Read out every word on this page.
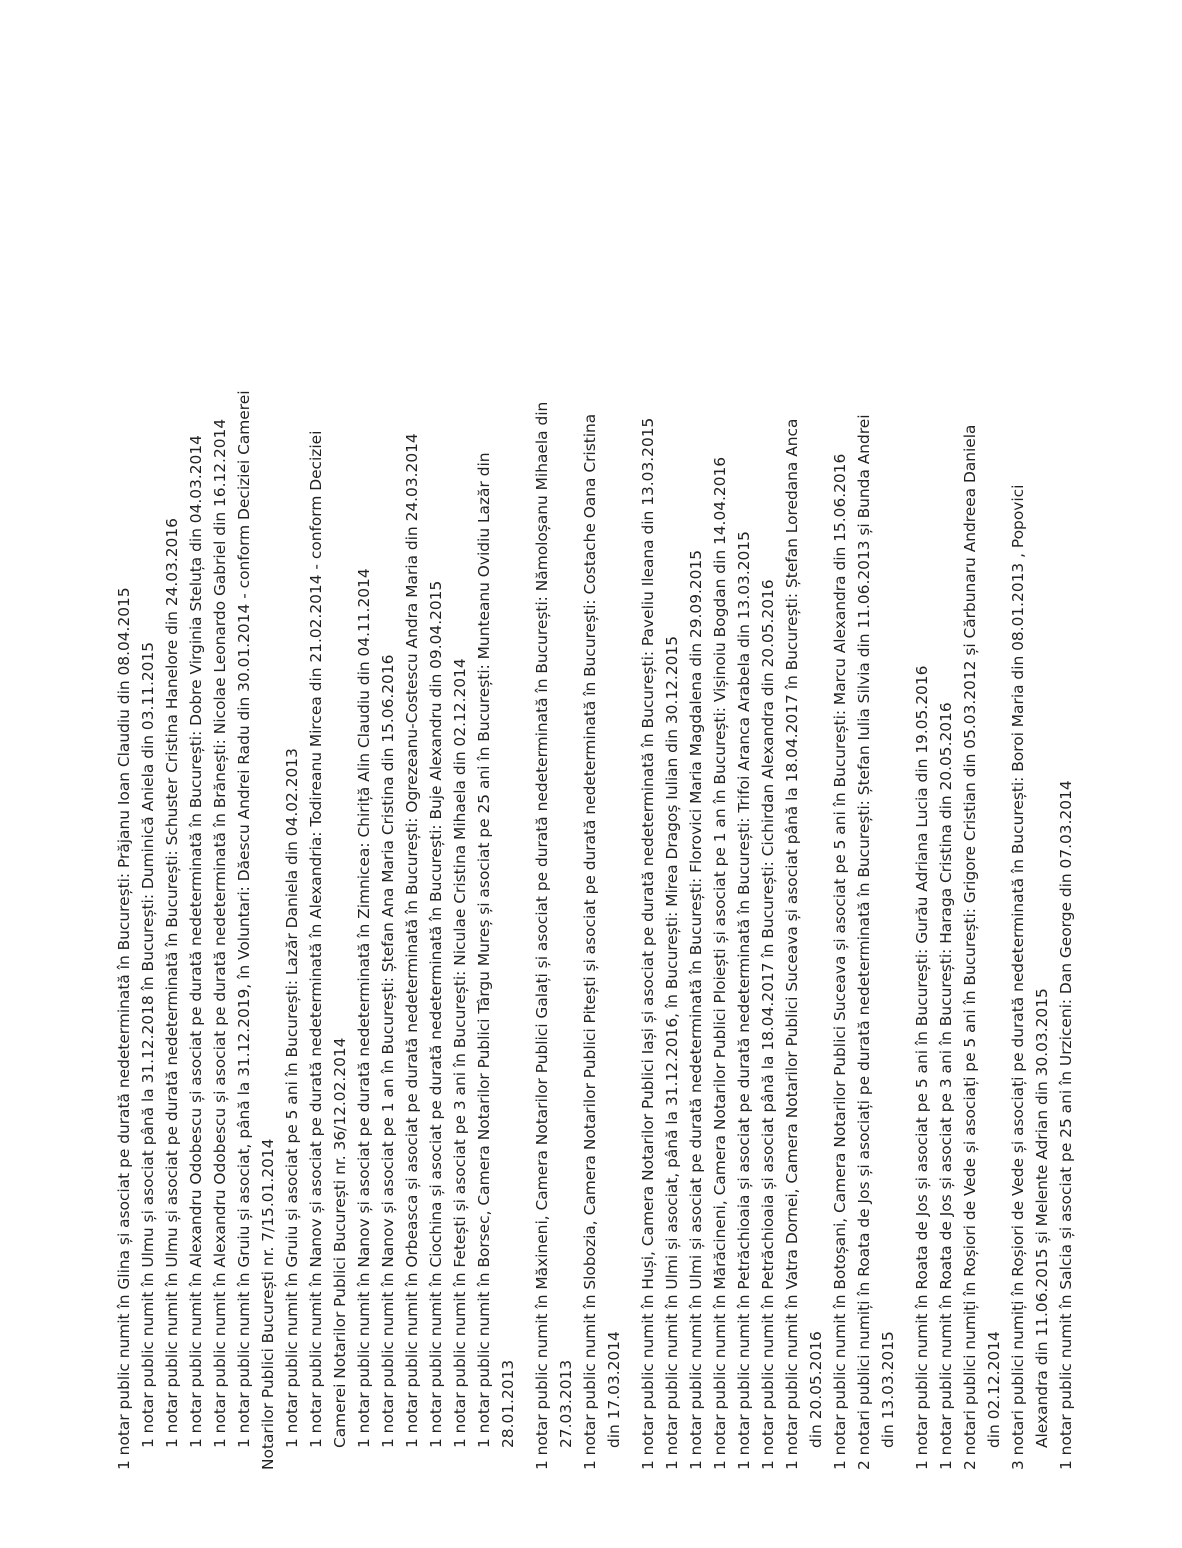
1 notar public numit în Glina și asociat pe durată nedeterminată în București: Prăjanu Ioan Claudiu din 08.04.2015 1 notar public numit în Ulmu și asociat până la 31.12.2018 în București: Duminică Aniela din 03.11.2015 1 notar public numit în Ulmu și asociat pe durată nedeterminată în București: Schuster Cristina Hanelore din 24.03.2016 1 notar public numit în Alexandru Odobescu și asociat pe durată nedeterminată în București: Dobre Virginia Steluța din 04.03.2014 1 notar public numit în Alexandru Odobescu și asociat pe durată nedeterminată în Brănești: Nicolae Leonardo Gabriel din 16.12.2014 1 notar public numit în Gruiu și asociat, până la 31.12.2019, în Voluntari: Dăescu Andrei Radu din 30.01.2014 - conform Deciziei Camerei Notarilor Publici București nr. 7/15.01.2014 1 notar public numit în Gruiu și asociat pe 5 ani în București: Lazăr Daniela din 04.02.2013 1 notar public numit în Nanov și asociat pe durată nedeterminată în Alexandria: Todireanu Mircea din 21.02.2014 - conform Deciziei Camerei Notarilor Publici București nr. 36/12.02.2014 1 notar public numit în Nanov și asociat pe durată nedeterminată în Zimnicea: Chiriță Alin Claudiu din 04.11.2014 1 notar public numit în Nanov și asociat pe 1 an în București: Ștefan Ana Maria Cristina din 15.06.2016 1 notar public numit în Orbeasca și asociat pe durată nedeterminată în București: Ogrezeanu-Costescu Andra Maria din 24.03.2014 1 notar public numit în Ciochina și asociat pe durată nedeterminată în București: Buje Alexandru din 09.04.2015 1 notar public numit în Fetești și asociat pe 3 ani în București: Niculae Cristina Mihaela din 02.12.2014 1 notar public numit în Borsec, Camera Notarilor Publici Târgu Mureș și asociat pe 25 ani în București: Munteanu Ovidiu Lazăr din 28.01.2013 1 notar public numit în Măxineni, Camera Notarilor Publici Galați și asociat pe durată nedeterminată în București: Nămoloșanu Mihaela din 27.03.2013 1 notar public numit în Slobozia, Camera Notarilor Publici Pitești și asociat pe durată nedeterminată în București: Costache Oana Cristina din 17.03.2014 1 notar public numit în Huși, Camera Notarilor Publici Iași și asociat pe durată nedeterminată în București: Paveliu Ileana din 13.03.2015 1 notar public numit în Ulmi și asociat, până la 31.12.2016, în București: Mirea Dragoș Iulian din 30.12.2015 1 notar public numit în Ulmi și asociat pe durată nedeterminată în București: Florovici Maria Magdalena din 29.09.2015 1 notar public numit în Mărăcineni, Camera Notarilor Publici Ploiești și asociat pe 1 an în București: Vișinoiu Bogdan din 14.04.2016 1 notar public numit în Petrăchioaia și asociat pe durată nedeterminată în București: Trifoi Aranca Arabela din 13.03.2015 1 notar public numit în Petrăchioaia și asociat până la 18.04.2017 în București: Cichirdan Alexandra din 20.05.2016 1 notar public numit în Vatra Dornei, Camera Notarilor Publici Suceava și asociat până la 18.04.2017 în București: Ștefan Loredana Anca din 20.05.2016 1 notar public numit în Botoșani, Camera Notarilor Publici Suceava și asociat pe 5 ani în București: Marcu Alexandra din 15.06.2016 2 notari publici numiți în Roata de Jos și asociați pe durată nedeterminată în București: Ștefan Iulia Silvia din 11.06.2013 și Bunda Andrei din 13.03.2015 1 notar public numit în Roata de Jos și asociat pe 5 ani în București: Gurău Adriana Lucia din 19.05.2016 1 notar public numit în Roata de Jos și asociat pe 3 ani în București: Haraga Cristina din 20.05.2016 2 notari publici numiți în Roșiori de Vede și asociați pe 5 ani în București: Grigore Cristian din 05.03.2012 și Cărbunaru Andreea Daniela din 02.12.2014 3 notari publici numiți în Roșiori de Vede și asociați pe durată nedeterminată în București: Boroi Maria din 08.01.2013 , Popovici Alexandra din 11.06.2015 și Melente Adrian din 30.03.2015 1 notar public numit în Salcia și asociat pe 25 ani în Urziceni: Dan George din 07.03.2014
